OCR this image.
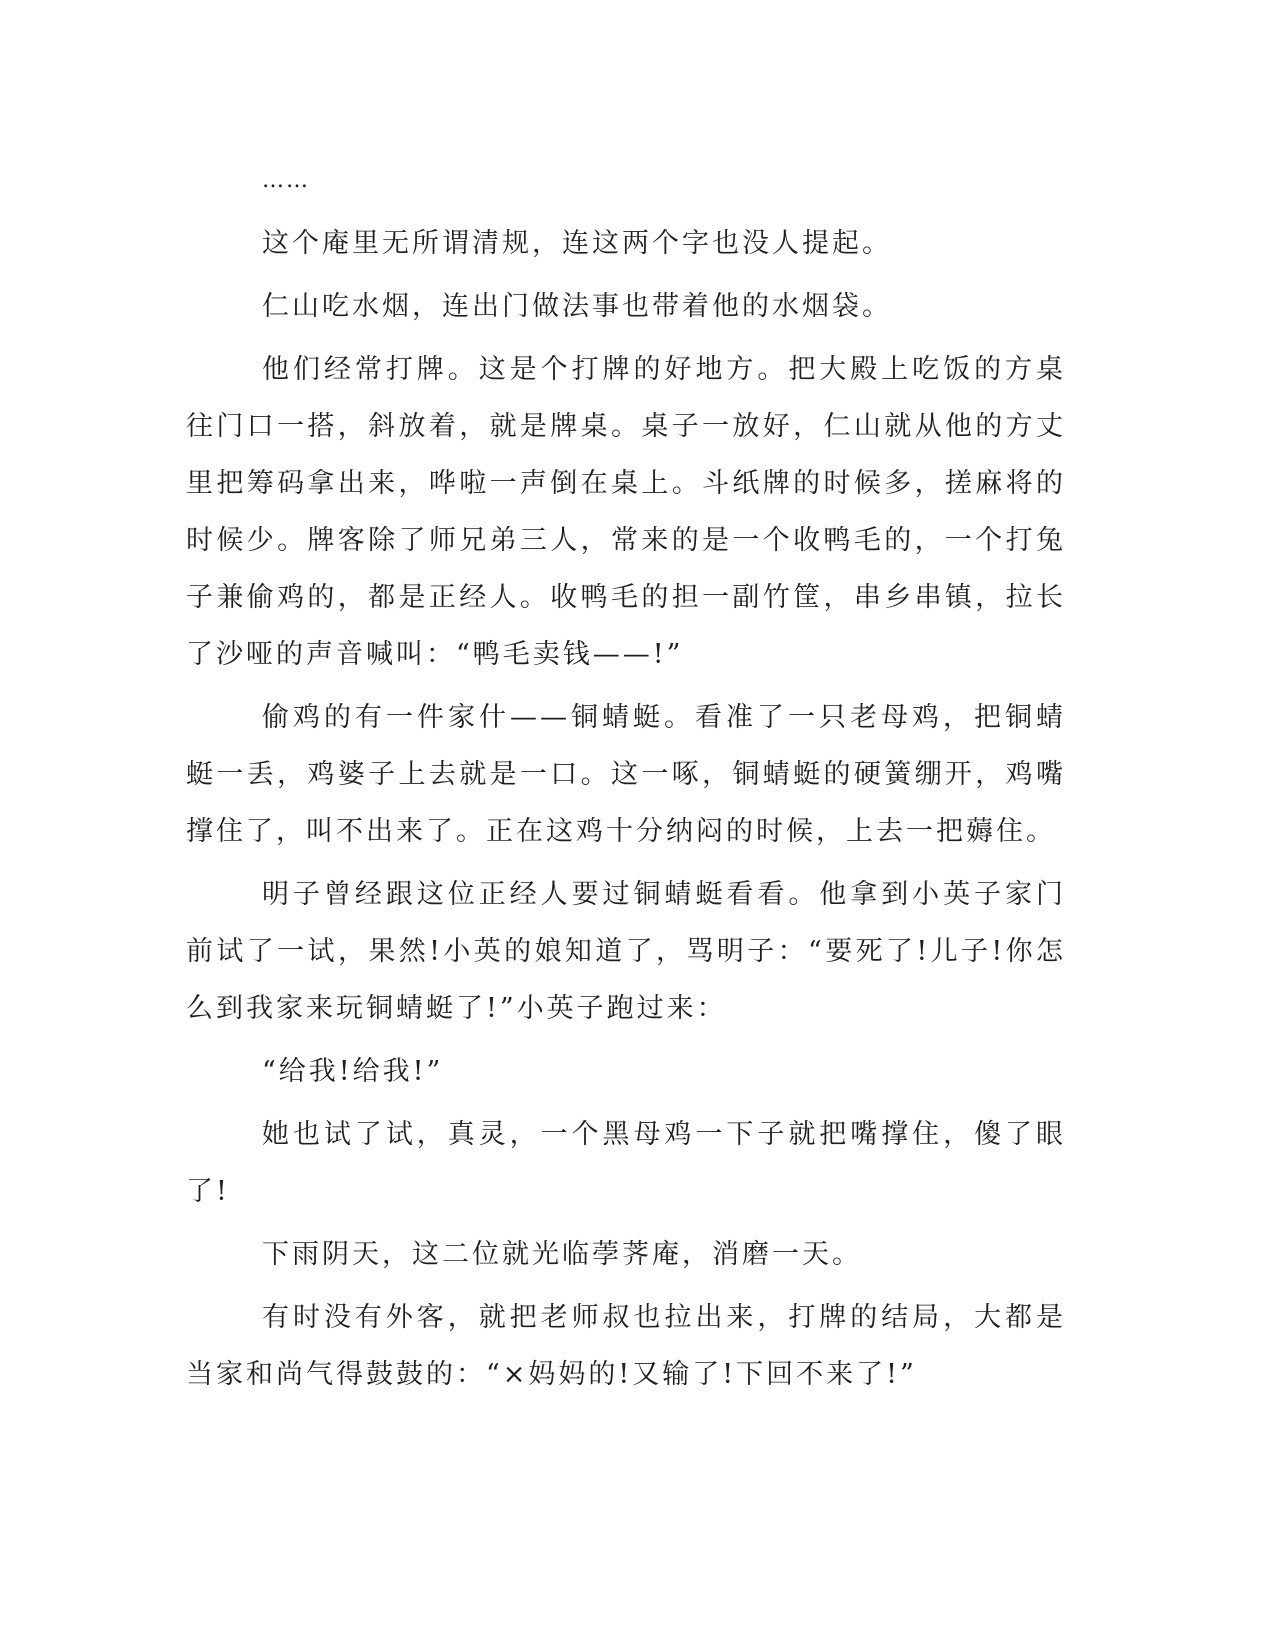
……

这个庵里无所谓清规，连这两个字也没人提起。

仁山吃水烟，连出门做法事也带着他的水烟袋。

他们经常打牌。这是个打牌的好地方。把大殿上吃饭的方桌往门口一搭，斜放着，就是牌桌。桌子一放好，仁山就从他的方丈里把筹码拿出来，哗啦一声倒在桌上。斗纸牌的时候多，搓麻将的时候少。牌客除了师兄弟三人，常来的是一个收鸭毛的，一个打兔子兼偷鸡的，都是正经人。收鸭毛的担一副竹筐，串乡串镇，拉长了沙哑的声音喊叫：“鸭毛卖钱——!”

偷鸡的有一件家什——铜蜻蜓。看准了一只老母鸡，把铜蜻蜓一丢，鸡婆子上去就是一口。这一啄，铜蜻蜓的硬簧绷开，鸡嘴撑住了，叫不出来了。正在这鸡十分纳闷的时候，上去一把薅住。

明子曾经跟这位正经人要过铜蜻蜓看看。他拿到小英子家门前试了一试，果然!小英的娘知道了，骂明子：“要死了!儿子!你怎么到我家来玩铜蜻蜓了!”小英子跑过来：

“给我!给我!”

她也试了试，真灵，一个黑母鸡一下子就把嘴撑住，傻了眼了!

下雨阴天，这二位就光临荸荠庵，消磨一天。

有时没有外客，就把老师叔也拉出来，打牌的结局，大都是当家和尚气得鼓鼓的：“×妈妈的!又输了!下回不来了!”
